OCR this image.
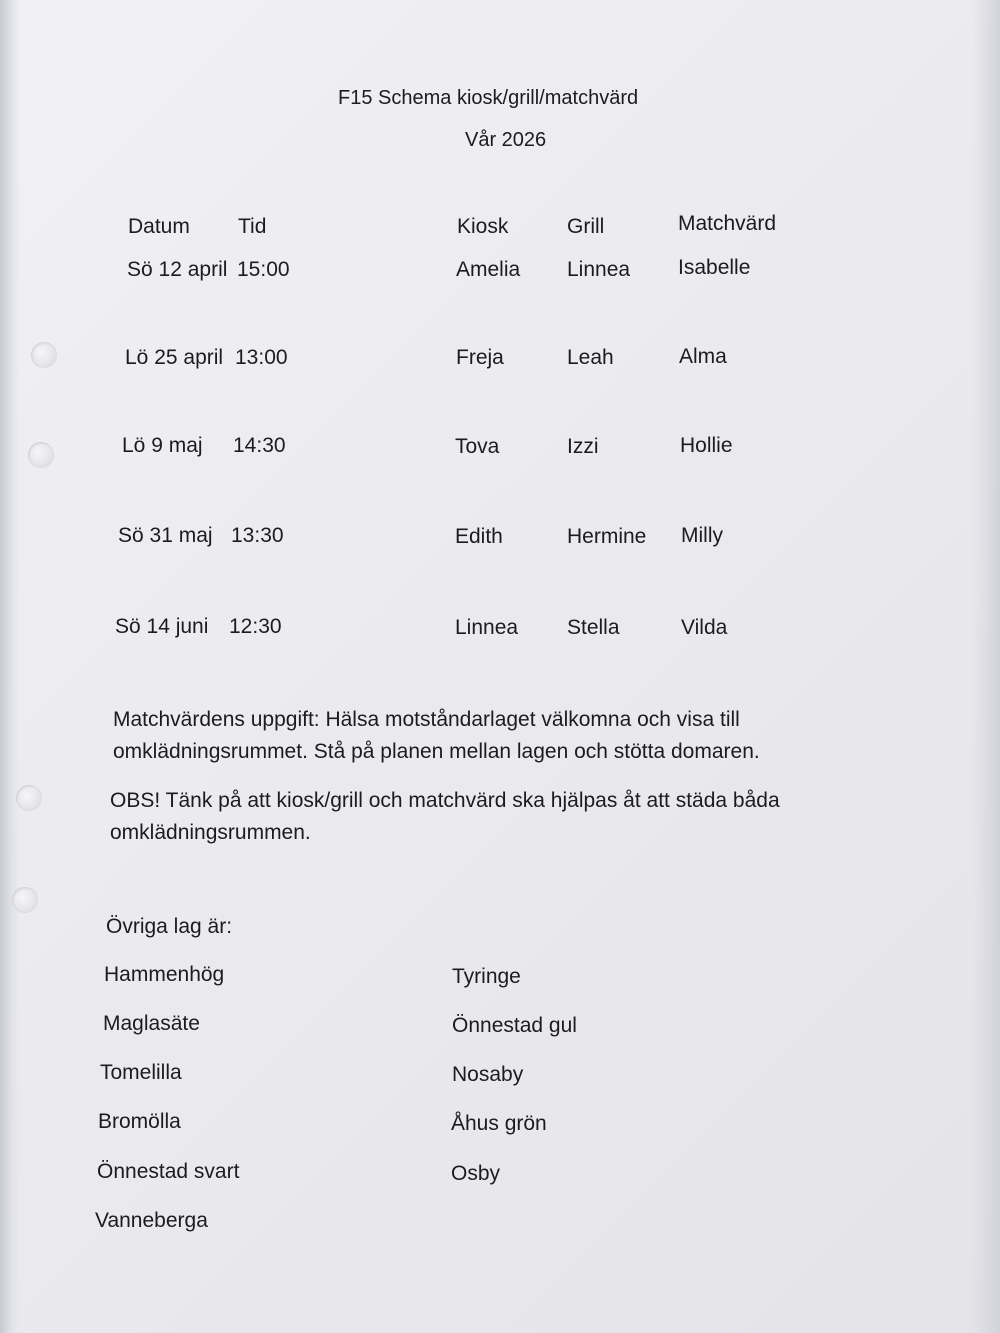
F15 Schema kiosk/grill/matchvärd
Vår 2026
Datum Tid	Kiosk	Grill	Matchvärd
Sö 12 april 15:00	Amelia Linnea Isabelle
Lö 25 april 13:00	Freja	Leah	Alma
Lö 9 maj 14:30	Tova	Izzi	Hollie
Sö 31 maj 13:30	Edith	Hermine Milly
Sö 14 juni 12:30	Linnea Stella	Vilda
Matchvärdens uppgift: Hälsa motståndarlaget välkomna och visa till omklädningsrummet. Stå på planen mellan lagen och stötta domaren.
OBS! Tänk på att kiosk/grill och matchvärd ska hjälpas åt att städa båda omklädningsrummen.
Övriga lag är:
Hammenhög
Maglasäte
Tomelilla
Bromölla
Önnestad svart
Vanneberga
Tyringe
Önnestad gul
Nosaby
Åhus grön
Osby
